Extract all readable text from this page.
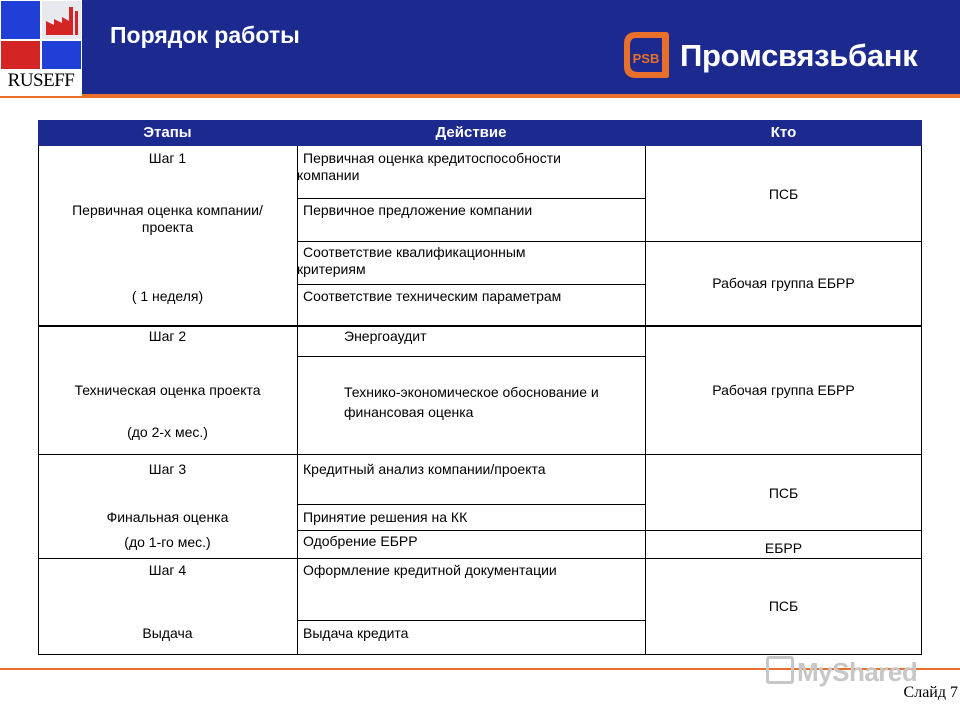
RUSEFF
Порядок работы
PSB Промсвязьбанк
Этапы	Действие	Кто
Шаг 1
Первичная оценка компании/проекта
( 1 неделя)
Первичная оценка кредитоспособности компании
Первичное предложение компании
Соответствие квалификационным критериям
Соответствие техническим параметрам
ПСБ
Рабочая группа ЕБРР
Шаг 2
Техническая оценка проекта
(до 2-х мес.)
Энергоаудит
Технико-экономическое обоснование и финансовая оценка
Рабочая группа ЕБРР
Шаг 3
Финальная оценка
(до 1-го мес.)
Кредитный анализ компании/проекта
Принятие решения на КК
Одобрение ЕБРР
ПСБ
ЕБРР
Шаг 4
Выдача
Оформление кредитной документации
Выдача кредита
ПСБ
MyShared
Слайд 7
